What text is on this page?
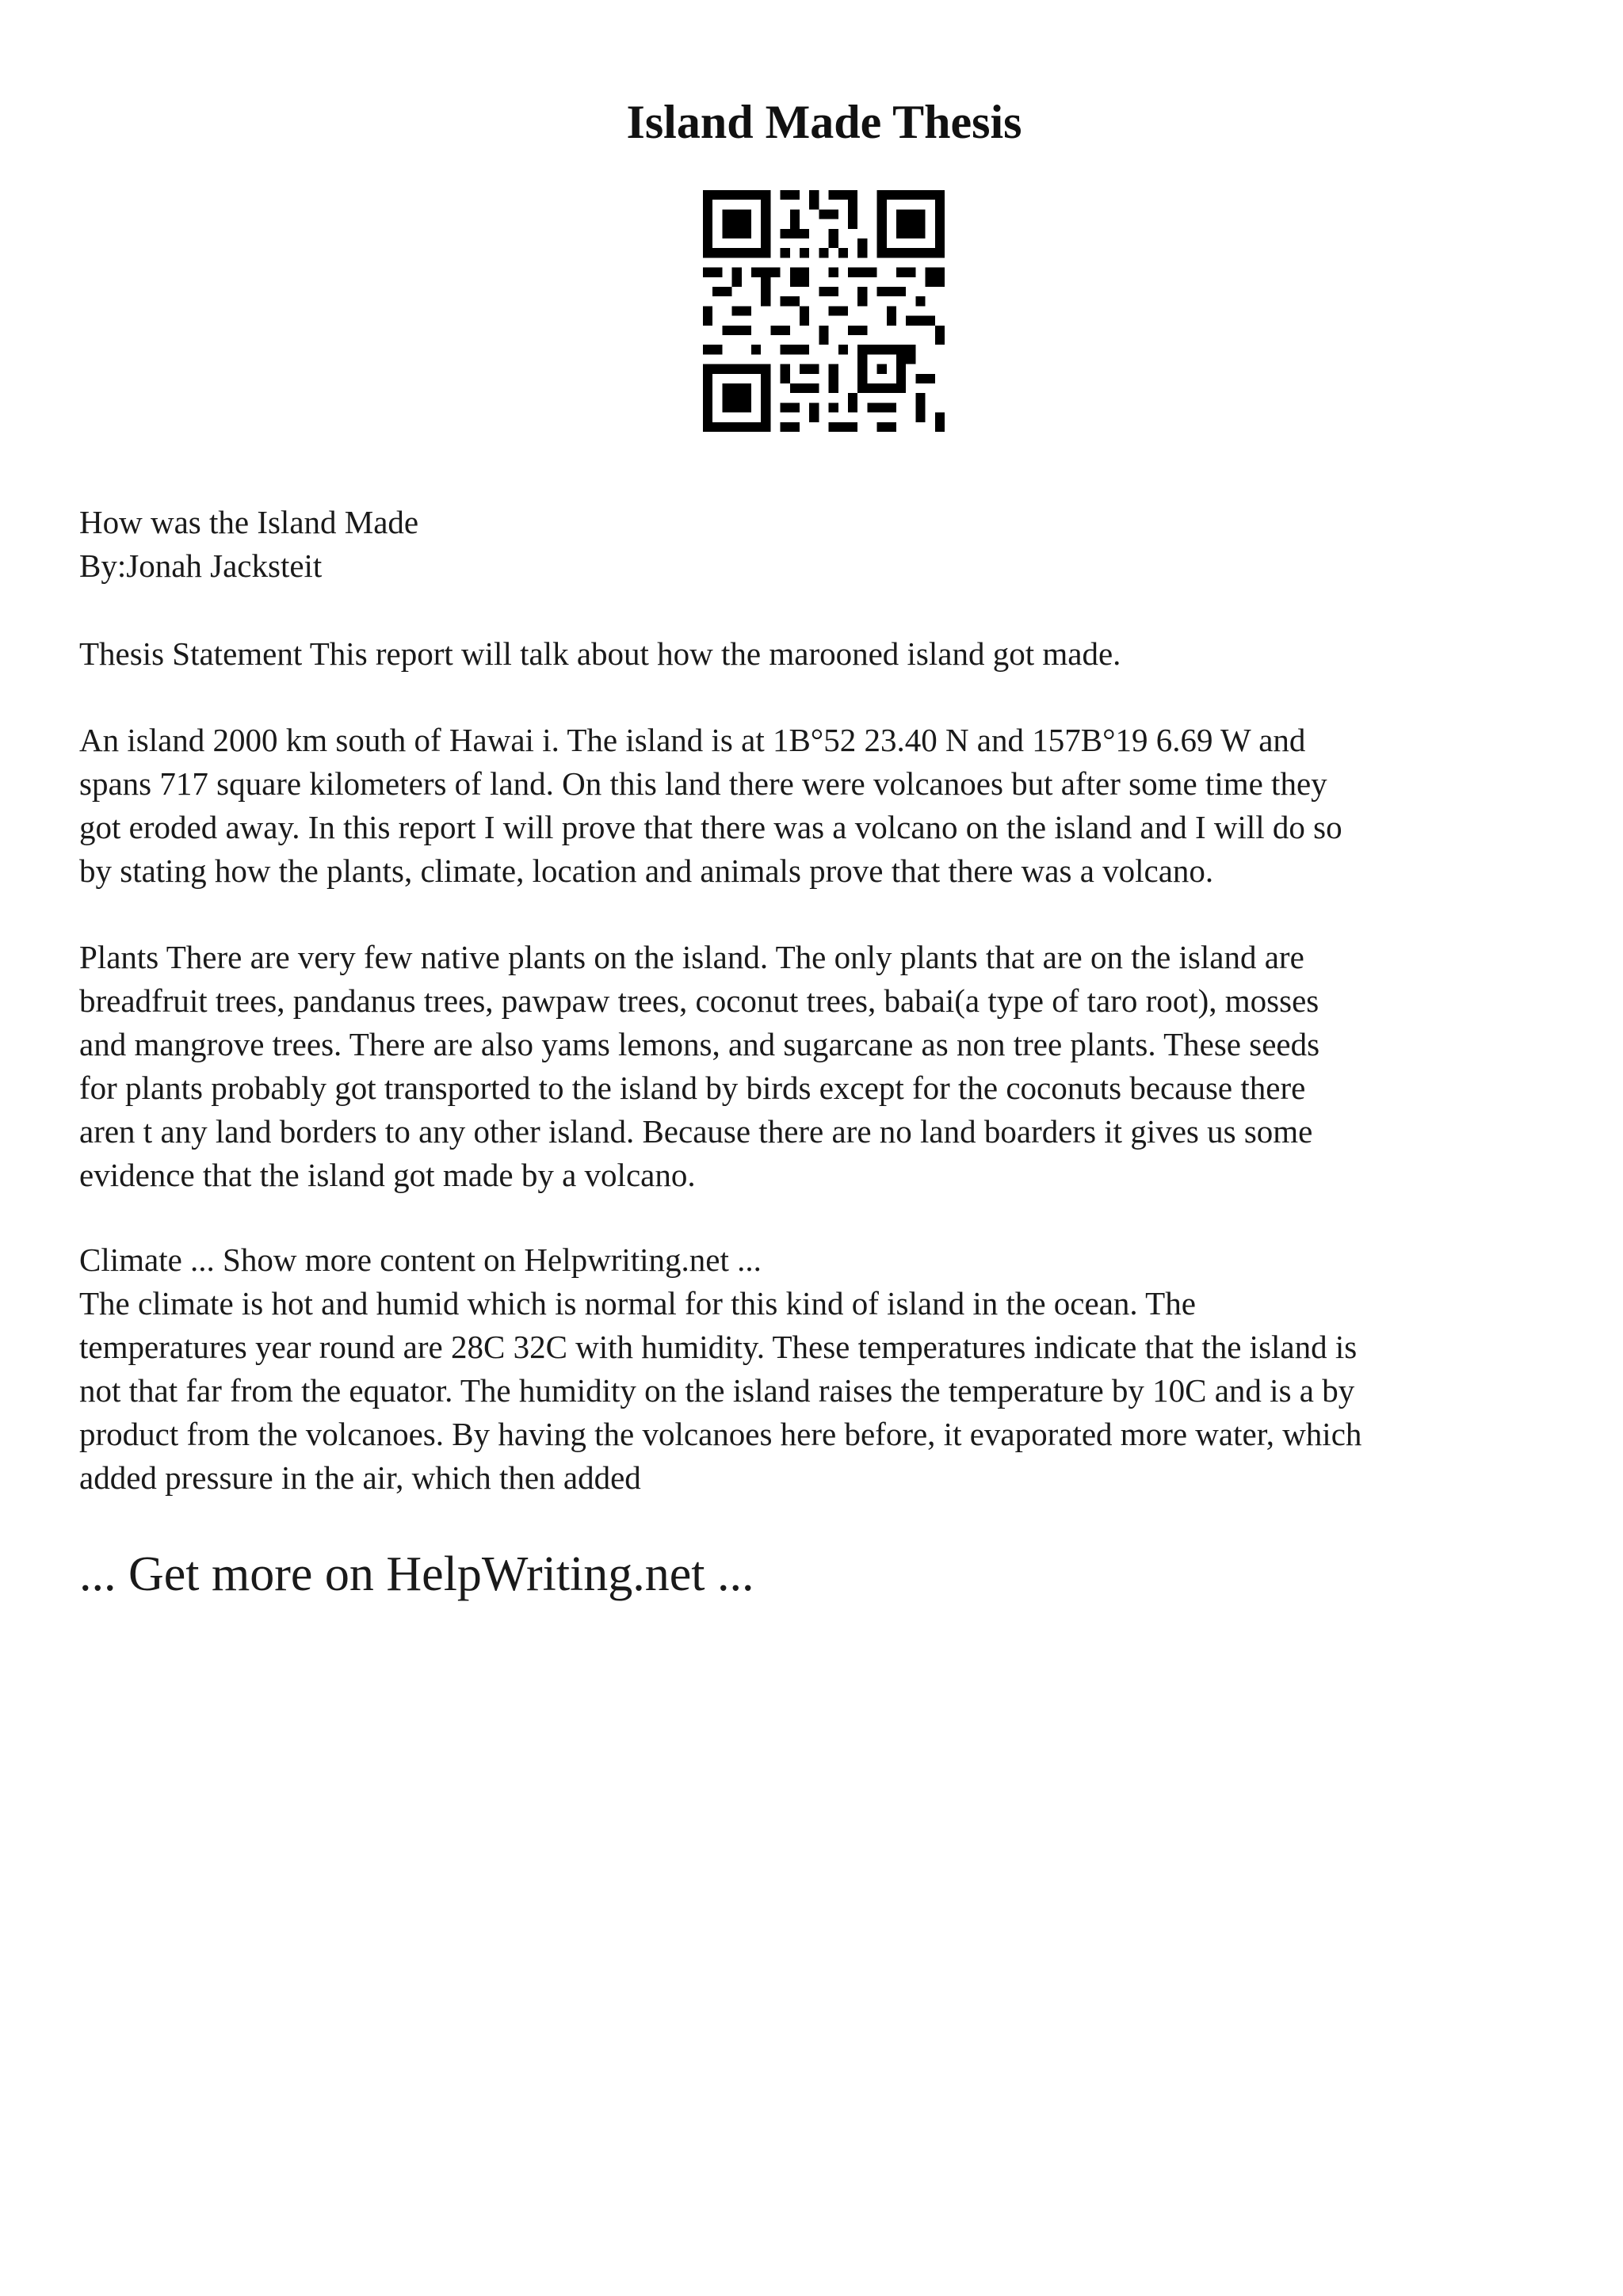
Island Made Thesis
How was the Island Made
By:Jonah Jacksteit
Thesis Statement This report will talk about how the marooned island got made.
An island 2000 km south of Hawai i. The island is at 1B°52 23.40 N and 157B°19 6.69 W and
spans 717 square kilometers of land. On this land there were volcanoes but after some time they
got eroded away. In this report I will prove that there was a volcano on the island and I will do so
by stating how the plants, climate, location and animals prove that there was a volcano.
Plants There are very few native plants on the island. The only plants that are on the island are
breadfruit trees, pandanus trees, pawpaw trees, coconut trees, babai(a type of taro root), mosses
and mangrove trees. There are also yams lemons, and sugarcane as non tree plants. These seeds
for plants probably got transported to the island by birds except for the coconuts because there
aren t any land borders to any other island. Because there are no land boarders it gives us some
evidence that the island got made by a volcano.
Climate ... Show more content on Helpwriting.net ...
The climate is hot and humid which is normal for this kind of island in the ocean. The
temperatures year round are 28C 32C with humidity. These temperatures indicate that the island is
not that far from the equator. The humidity on the island raises the temperature by 10C and is a by
product from the volcanoes. By having the volcanoes here before, it evaporated more water, which
added pressure in the air, which then added
... Get more on HelpWriting.net ...
